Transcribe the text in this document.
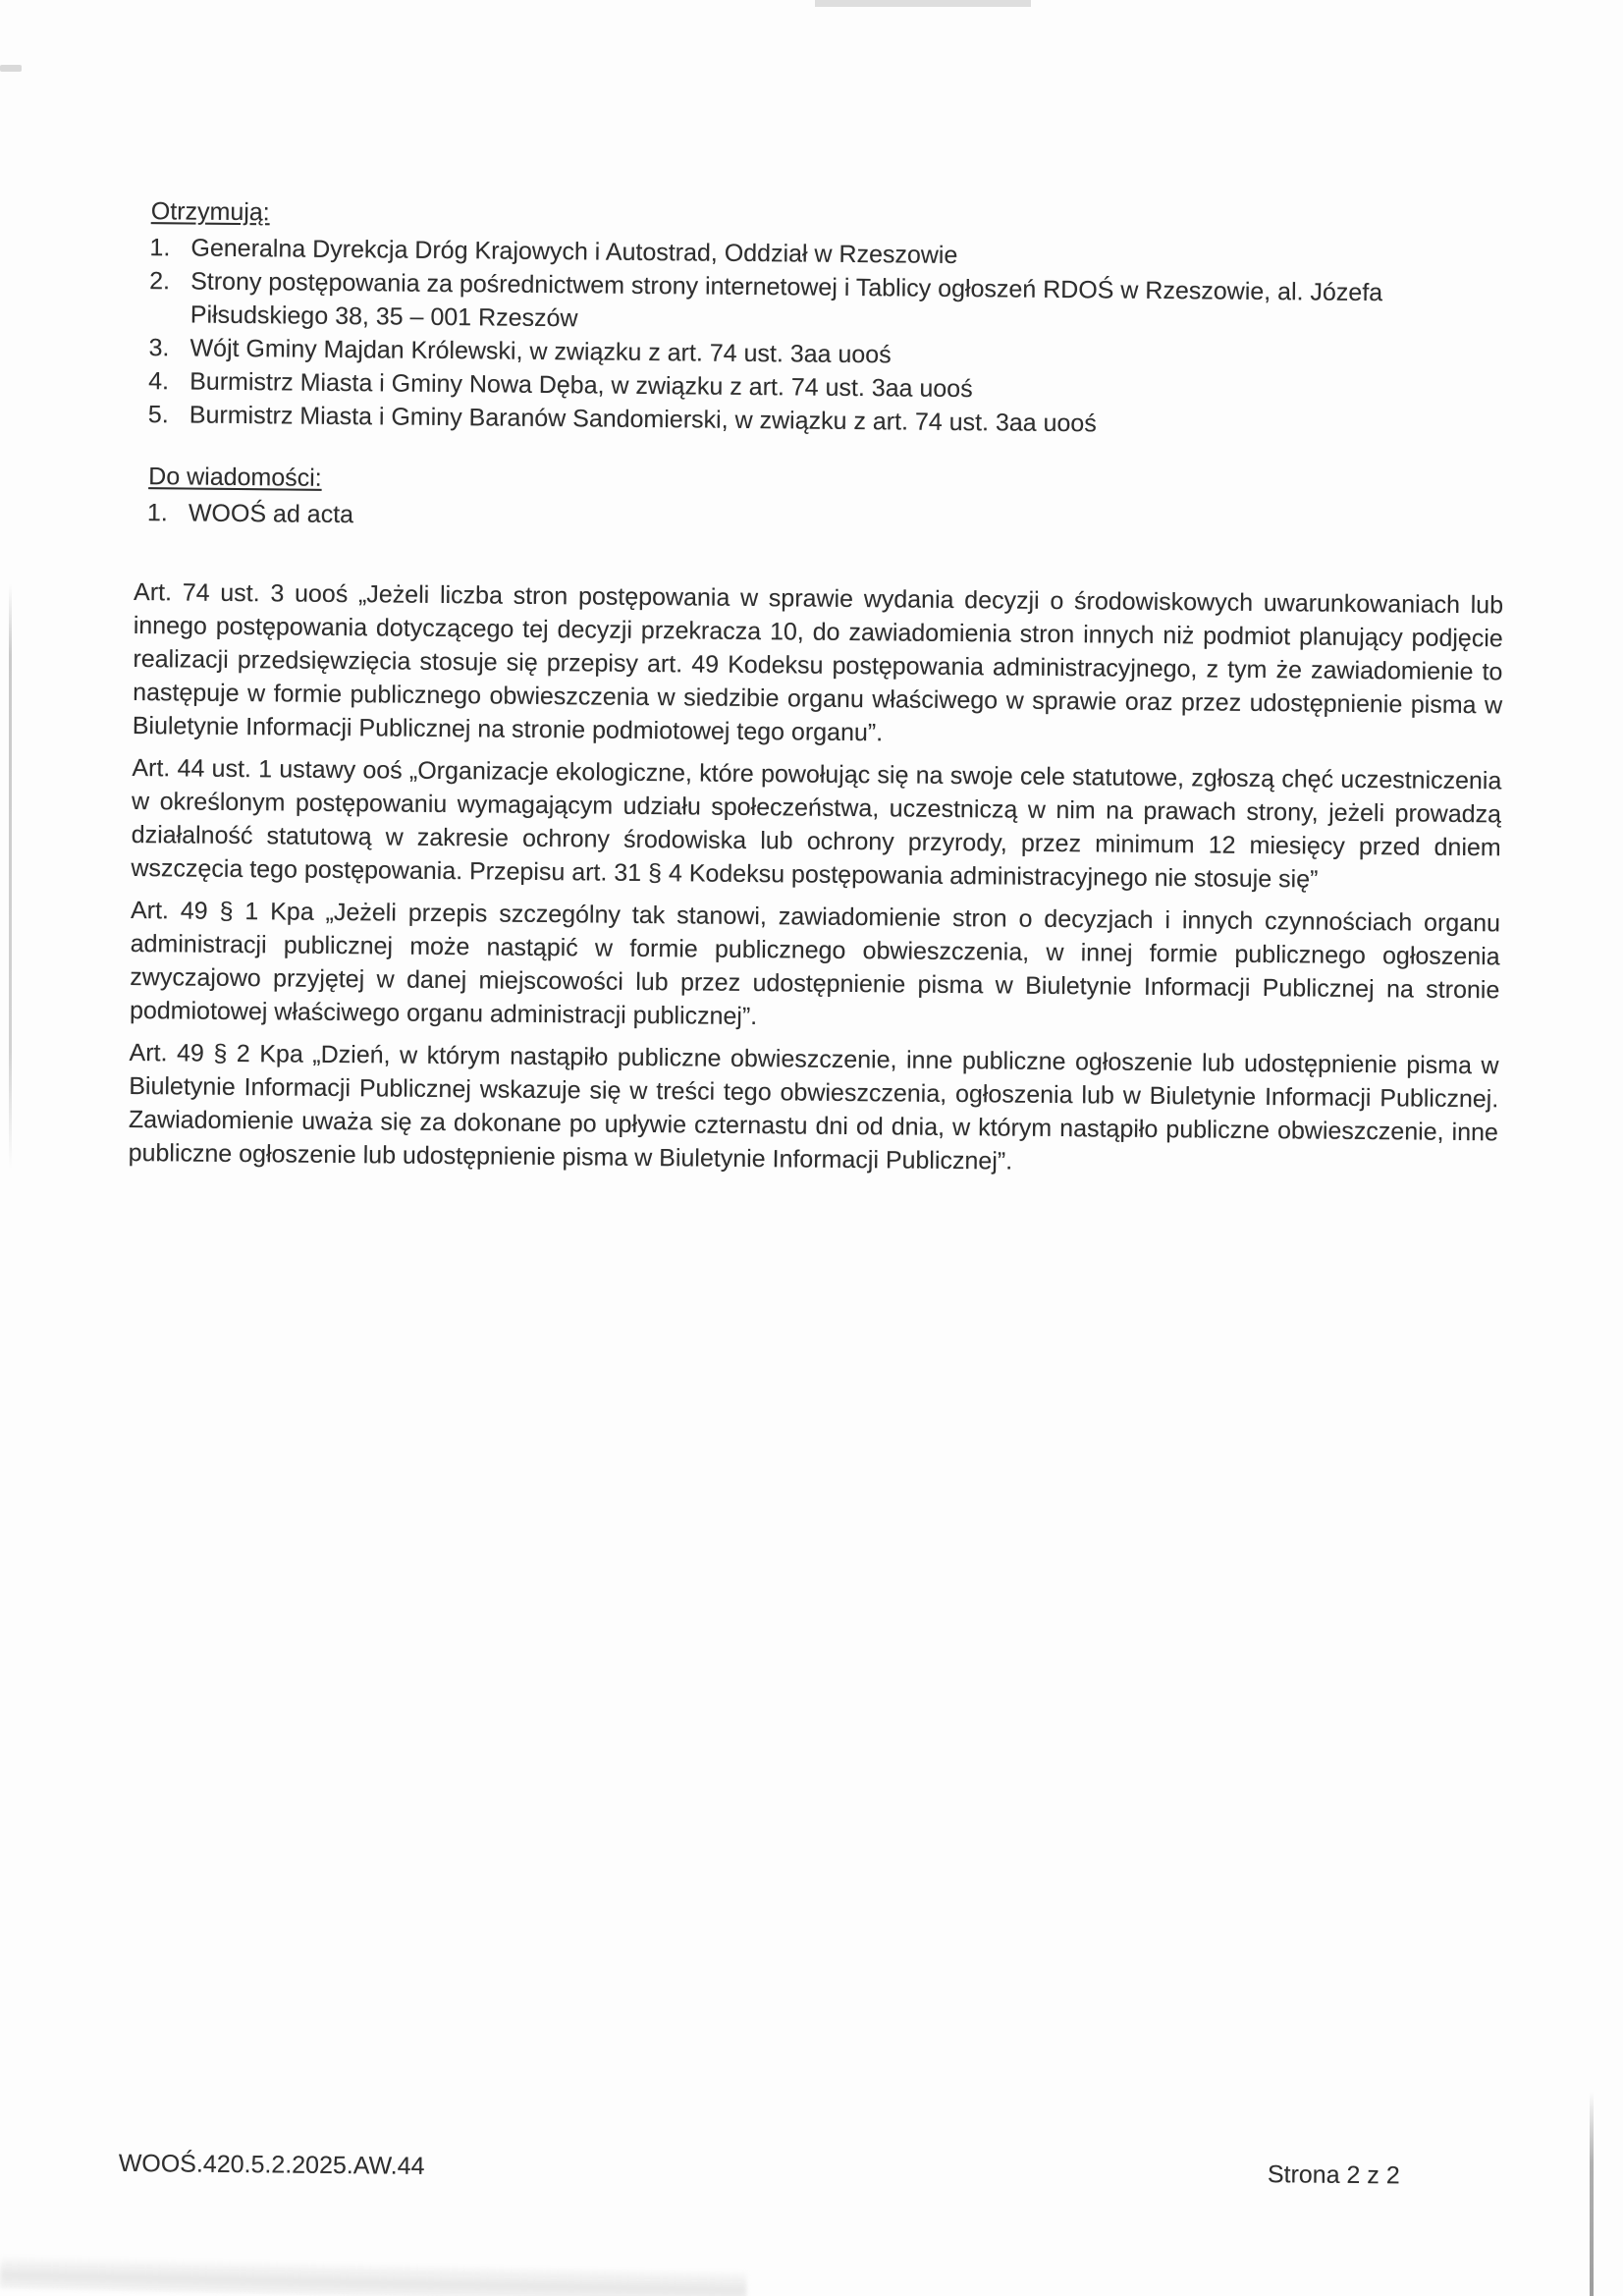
Otrzymują:
Generalna Dyrekcja Dróg Krajowych i Autostrad, Oddział w Rzeszowie
Strony postępowania za pośrednictwem strony internetowej i Tablicy ogłoszeń RDOŚ w Rzeszowie, al. Józefa Piłsudskiego 38, 35 – 001 Rzeszów
Wójt Gminy Majdan Królewski, w związku z art. 74 ust. 3aa uooś
Burmistrz Miasta i Gminy Nowa Dęba, w związku z art. 74 ust. 3aa uooś
Burmistrz Miasta i Gminy Baranów Sandomierski, w związku z art. 74 ust. 3aa uooś
Do wiadomości:
WOOŚ ad acta

Art. 74 ust. 3 uooś „Jeżeli liczba stron postępowania w sprawie wydania decyzji o środowiskowych uwarunkowaniach lub innego postępowania dotyczącego tej decyzji przekracza 10, do zawiadomienia stron innych niż podmiot planujący podjęcie realizacji przedsięwzięcia stosuje się przepisy art. 49 Kodeksu postępowania administracyjnego, z tym że zawiadomienie to następuje w formie publicznego obwieszczenia w siedzibie organu właściwego w sprawie oraz przez udostępnienie pisma w Biuletynie Informacji Publicznej na stronie podmiotowej tego organu”.

Art. 44 ust. 1 ustawy ooś „Organizacje ekologiczne, które powołując się na swoje cele statutowe, zgłoszą chęć uczestniczenia w określonym postępowaniu wymagającym udziału społeczeństwa, uczestniczą w nim na prawach strony, jeżeli prowadzą działalność statutową w zakresie ochrony środowiska lub ochrony przyrody, przez minimum 12 miesięcy przed dniem wszczęcia tego postępowania. Przepisu art. 31 § 4 Kodeksu postępowania administracyjnego nie stosuje się”

Art. 49 § 1 Kpa „Jeżeli przepis szczególny tak stanowi, zawiadomienie stron o decyzjach i innych czynnościach organu administracji publicznej może nastąpić w formie publicznego obwieszczenia, w innej formie publicznego ogłoszenia zwyczajowo przyjętej w danej miejscowości lub przez udostępnienie pisma w Biuletynie Informacji Publicznej na stronie podmiotowej właściwego organu administracji publicznej”.

Art. 49 § 2 Kpa „Dzień, w którym nastąpiło publiczne obwieszczenie, inne publiczne ogłoszenie lub udostępnienie pisma w Biuletynie Informacji Publicznej wskazuje się w treści tego obwieszczenia, ogłoszenia lub w Biuletynie Informacji Publicznej. Zawiadomienie uważa się za dokonane po upływie czternastu dni od dnia, w którym nastąpiło publiczne obwieszczenie, inne publiczne ogłoszenie lub udostępnienie pisma w Biuletynie Informacji Publicznej”.

WOOŚ.420.5.2.2025.AW.44	Strona 2 z 2
